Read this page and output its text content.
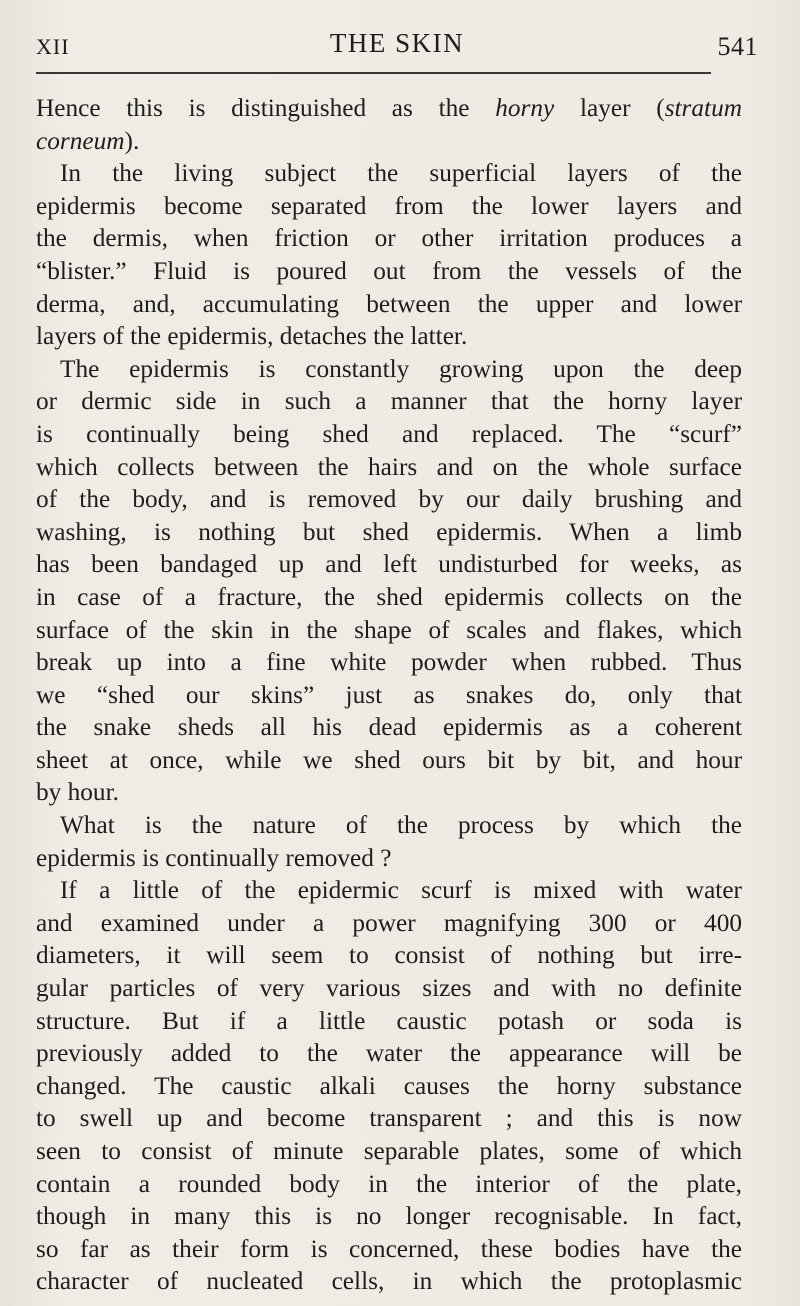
XII	THE SKIN	541
Hence this is distinguished as the horny layer (stratum
corneum).
In the living subject the superficial layers of the
epidermis become separated from the lower layers and
the dermis, when friction or other irritation produces a
“blister.” Fluid is poured out from the vessels of the
derma, and, accumulating between the upper and lower
layers of the epidermis, detaches the latter.
The epidermis is constantly growing upon the deep
or dermic side in such a manner that the horny layer
is continually being shed and replaced. The “scurf”
which collects between the hairs and on the whole surface
of the body, and is removed by our daily brushing and
washing, is nothing but shed epidermis. When a limb
has been bandaged up and left undisturbed for weeks, as
in case of a fracture, the shed epidermis collects on the
surface of the skin in the shape of scales and flakes, which
break up into a fine white powder when rubbed. Thus
we “shed our skins” just as snakes do, only that
the snake sheds all his dead epidermis as a coherent
sheet at once, while we shed ours bit by bit, and hour
by hour.
What is the nature of the process by which the
epidermis is continually removed ?
If a little of the epidermic scurf is mixed with water
and examined under a power magnifying 300 or 400
diameters, it will seem to consist of nothing but irre-
gular particles of very various sizes and with no definite
structure. But if a little caustic potash or soda is
previously added to the water the appearance will be
changed. The caustic alkali causes the horny substance
to swell up and become transparent ; and this is now
seen to consist of minute separable plates, some of which
contain a rounded body in the interior of the plate,
though in many this is no longer recognisable. In fact,
so far as their form is concerned, these bodies have the
character of nucleated cells, in which the protoplasmic
